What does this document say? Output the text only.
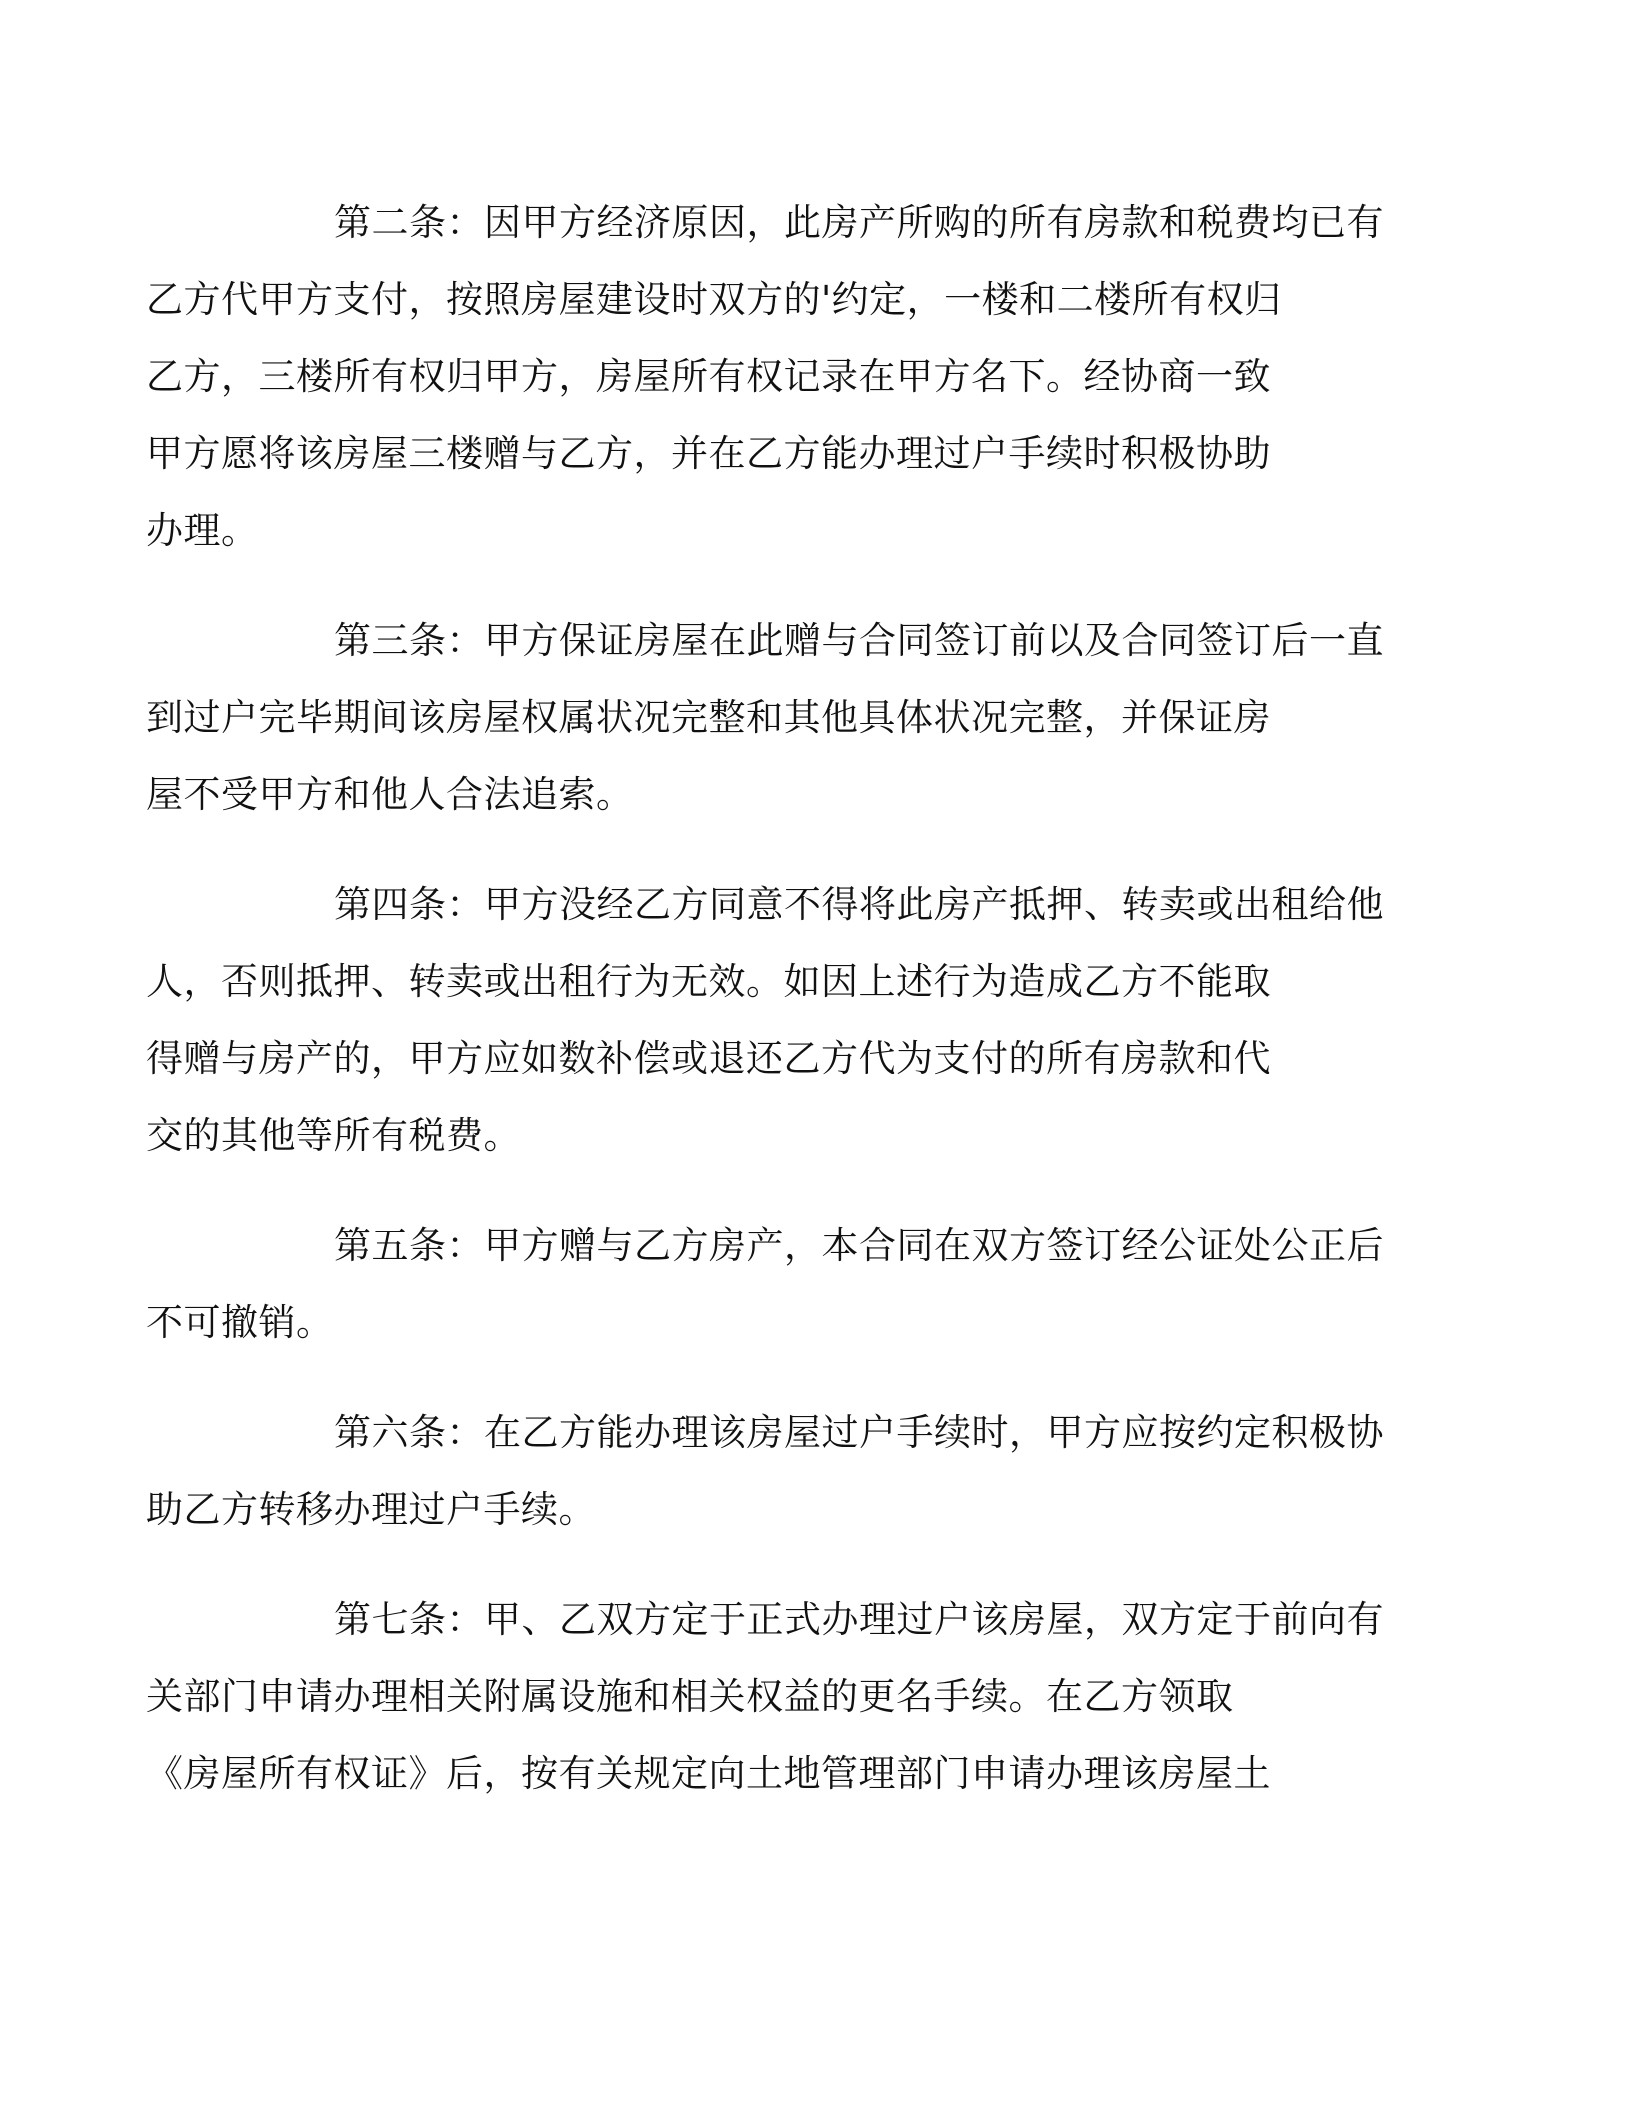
第二条：因甲方经济原因，此房产所购的所有房款和税费均已有
乙方代甲方支付，按照房屋建设时双方的'约定，一楼和二楼所有权归
乙方，三楼所有权归甲方，房屋所有权记录在甲方名下。经协商一致
甲方愿将该房屋三楼赠与乙方，并在乙方能办理过户手续时积极协助
办理。
第三条：甲方保证房屋在此赠与合同签订前以及合同签订后一直
到过户完毕期间该房屋权属状况完整和其他具体状况完整，并保证房
屋不受甲方和他人合法追索。
第四条：甲方没经乙方同意不得将此房产抵押、转卖或出租给他
人，否则抵押、转卖或出租行为无效。如因上述行为造成乙方不能取
得赠与房产的，甲方应如数补偿或退还乙方代为支付的所有房款和代
交的其他等所有税费。
第五条：甲方赠与乙方房产，本合同在双方签订经公证处公正后
不可撤销。
第六条：在乙方能办理该房屋过户手续时，甲方应按约定积极协
助乙方转移办理过户手续。
第七条：甲、乙双方定于正式办理过户该房屋，双方定于前向有
关部门申请办理相关附属设施和相关权益的更名手续。在乙方领取
《房屋所有权证》后，按有关规定向土地管理部门申请办理该房屋土
